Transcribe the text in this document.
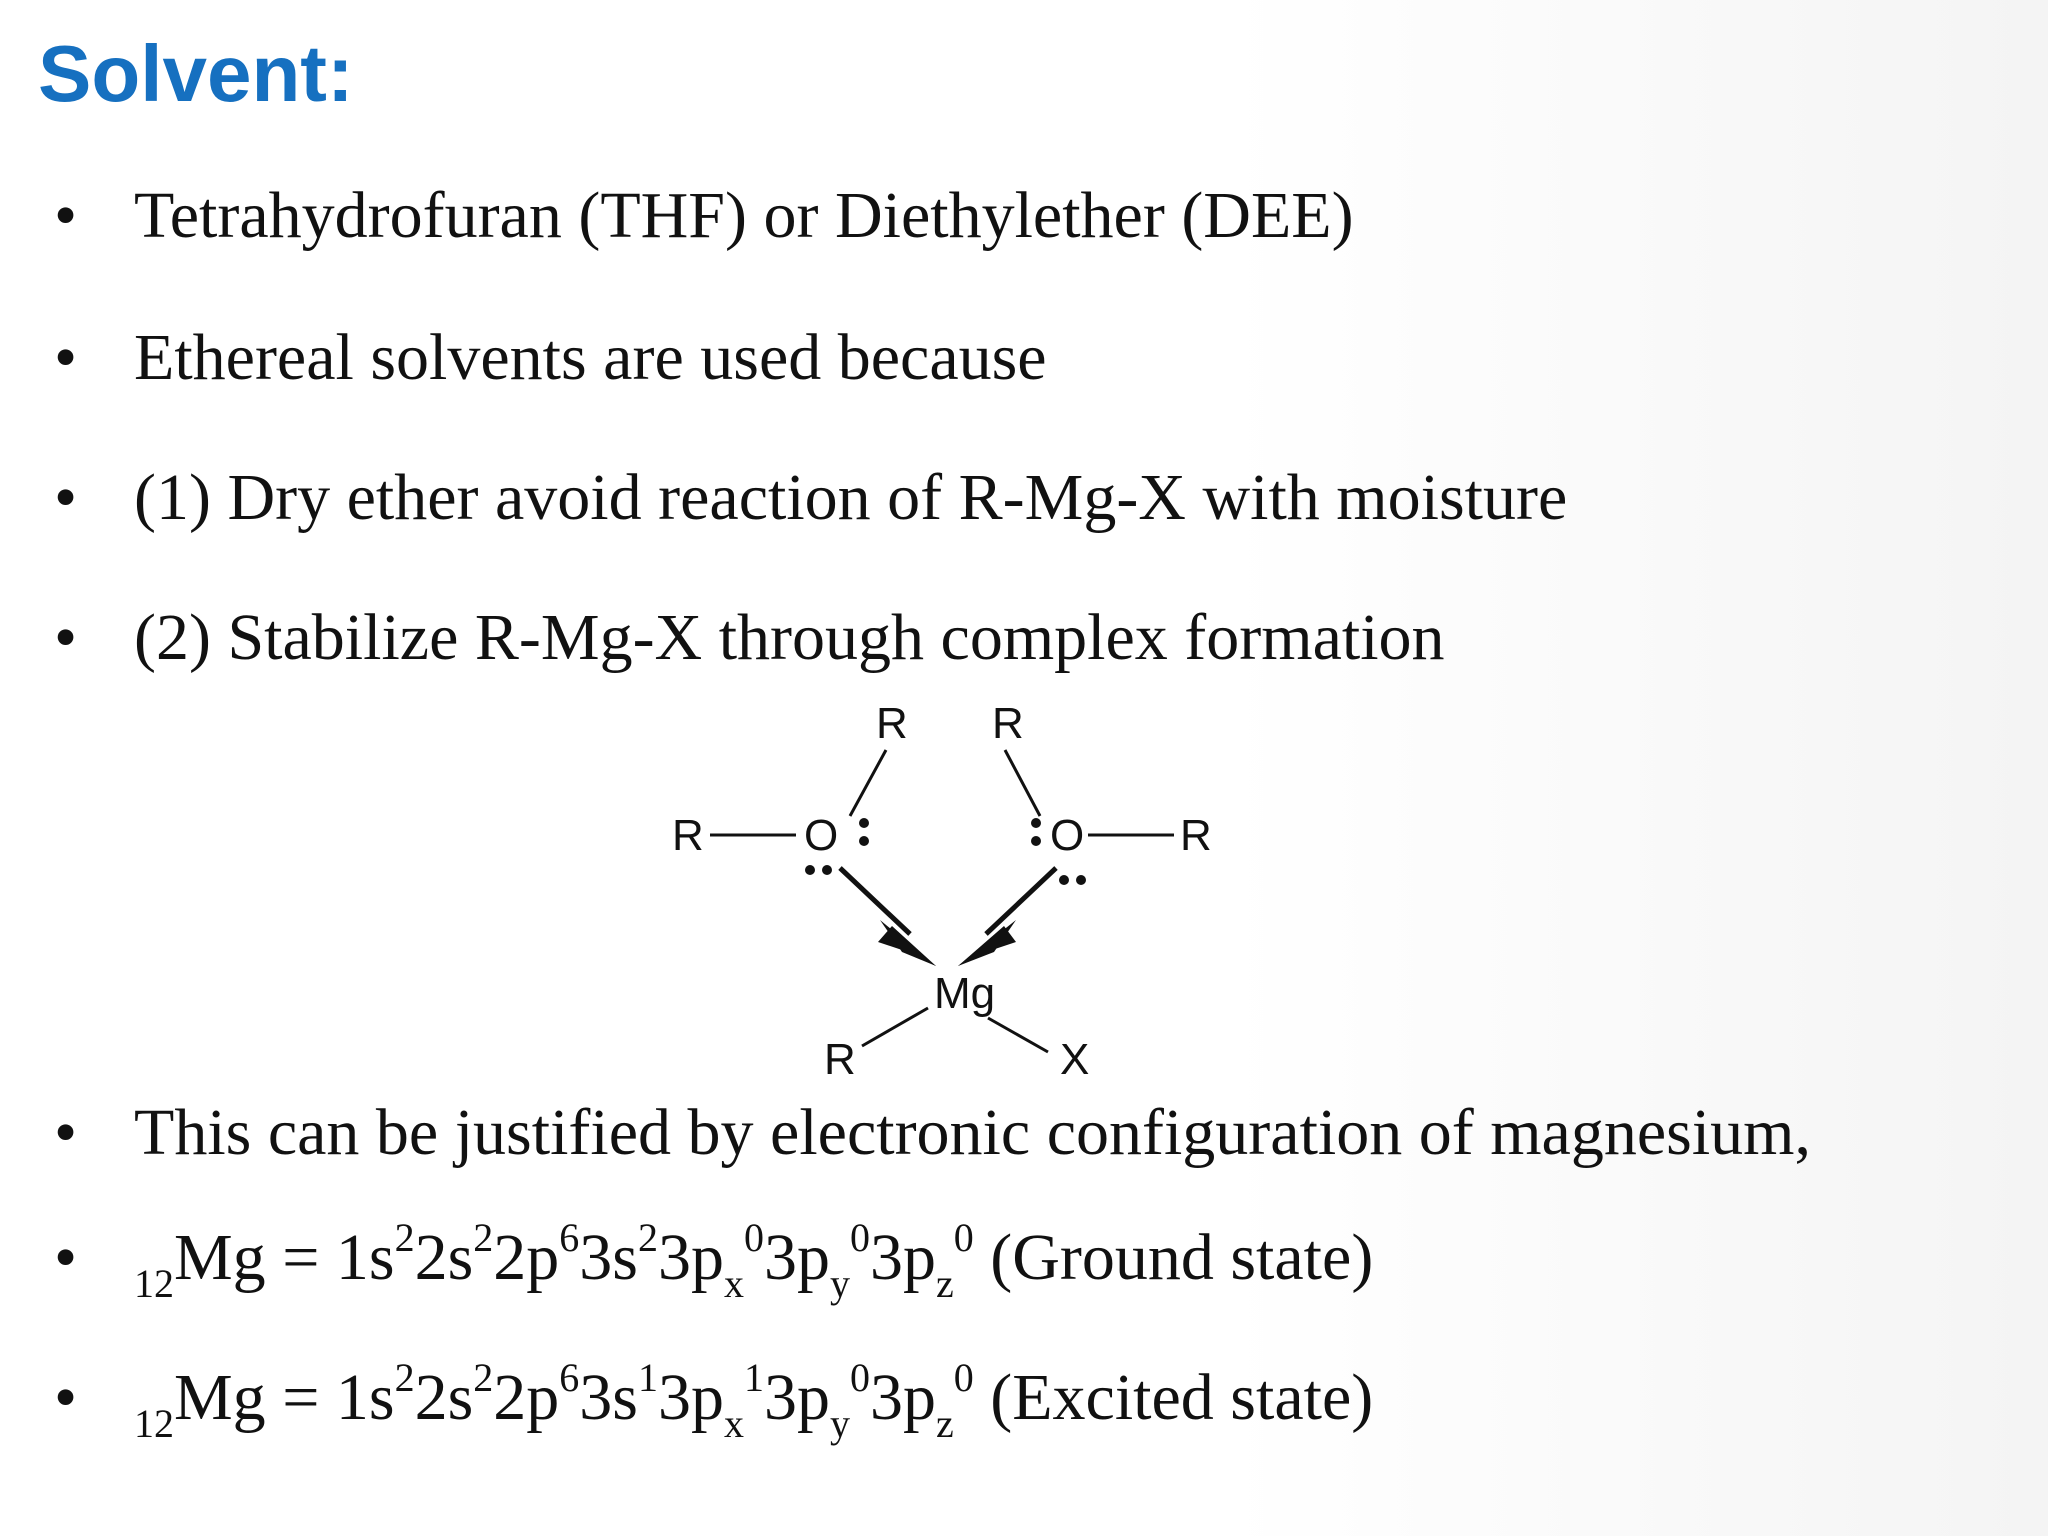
Solvent:
• Tetrahydrofuran (THF) or Diethylether (DEE)
• Ethereal solvents are used because
• (1) Dry ether avoid reaction of R-Mg-X with moisture
• (2) Stabilize R-Mg-X through complex formation
R R
R O	O R
Mg
R	X
• This can be justified by electronic configuration of magnesium,
•	$_{12}Mg = 1s^22s^22p^63s^23p_x^03p_y^03p_z^0$ (Ground state)
•	$_{12}Mg = 1s^22s^22p^63s^13p_x^13p_y^03p_z^0$ (Excited state)
